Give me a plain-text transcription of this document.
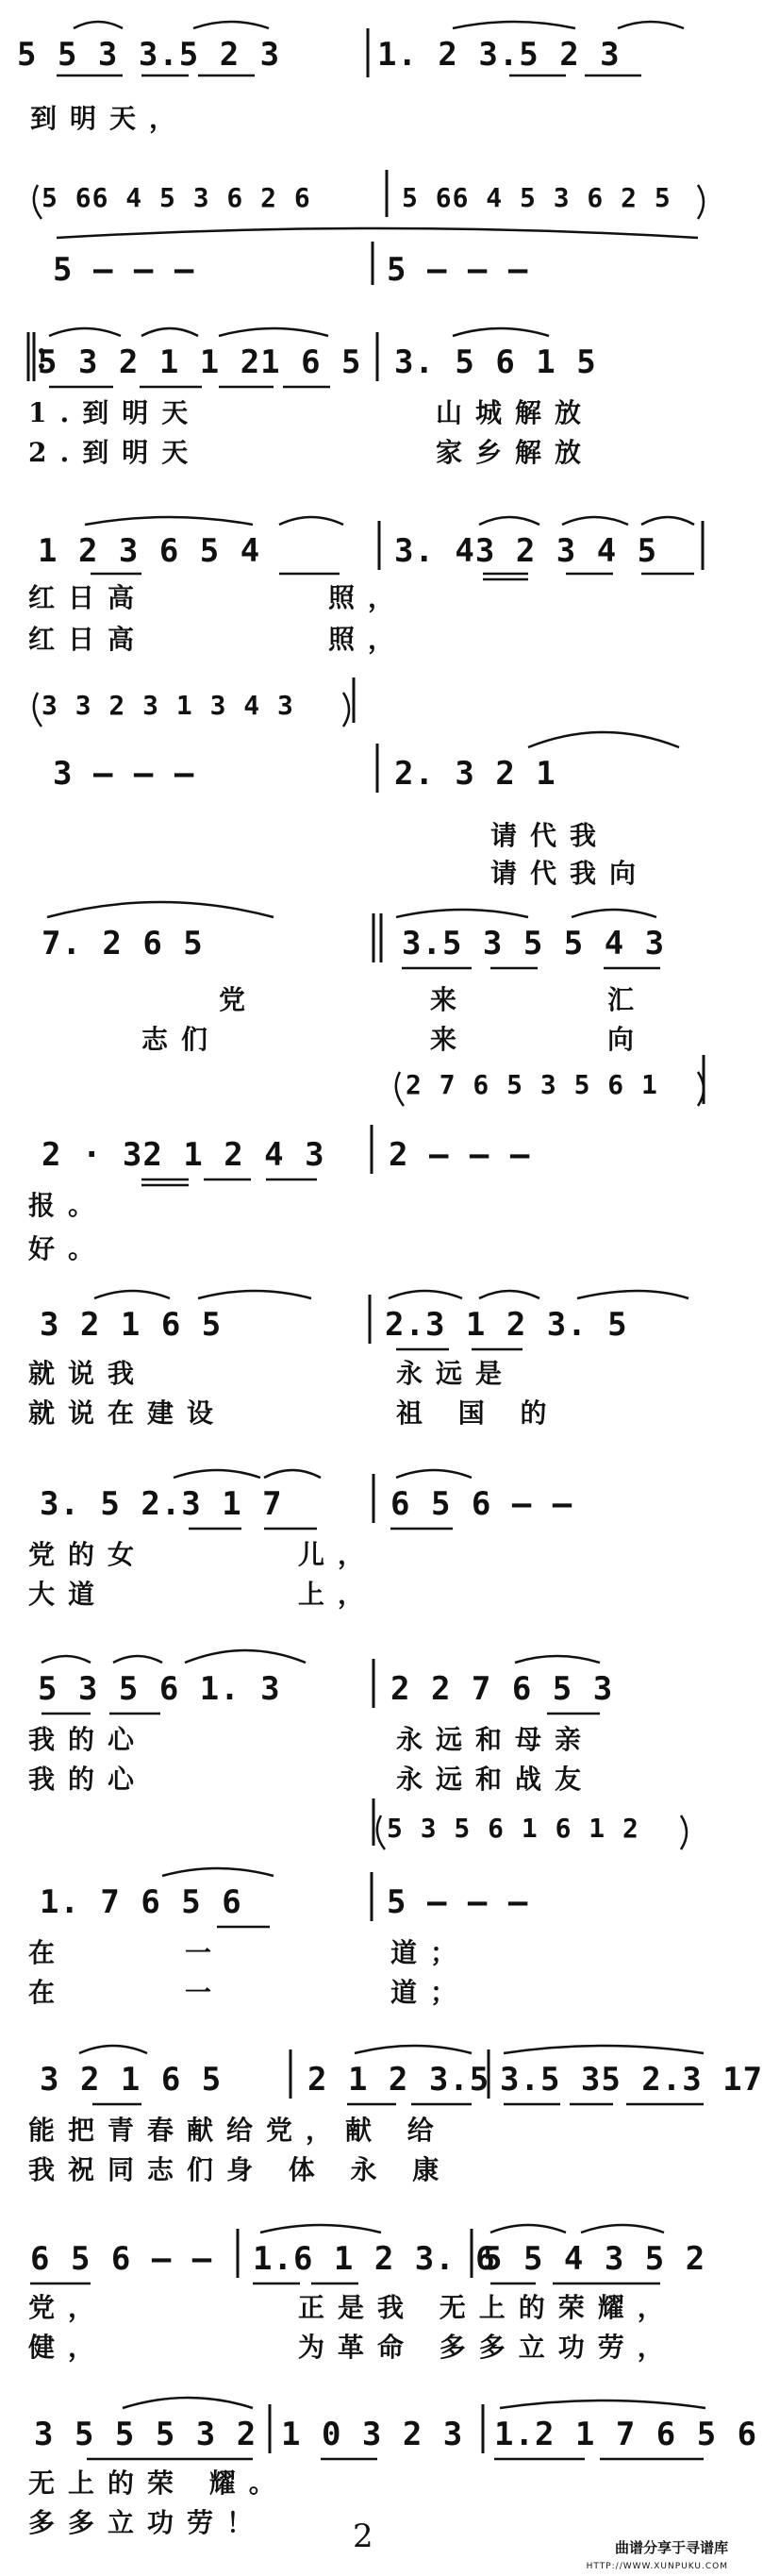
5 5 3 3.5 2 3	1. 2 3.5 2 3
到明天，
5 66 4 5 3 6 2 6	5 66 4 5 3 6 2 5
5 – – –	5 – – –
5 3 2 1 1 21 6 5 3. 5 6 1 5
1.到明天	山城解放
2.到明天	家乡解放
1 2 3 6 5 4	3. 43 2 3 4 5
红日高	照，
红日高	照，
3 3 2 3 1 3 4 3
3 – – –	2. 3 2 1
请代我
请代我向
7. 2 6 5	3.5 3 5 5 4 3
党	来	汇
志们	来	向
2 7 6 5 3 5 6 1
2 · 32 1 2 4 3 2 – – –
报。
好。
3 2 1 6 5	2.3 1 2 3. 5
就说我	永远是
就说在建设	祖 国 的
3. 5 2.3 1 7	6 5 6 – –
党的女	儿，
大道	上，
5 3 5 6 1. 3	2 2 7 6 5 3
我的心	永远和母亲
我的心	永远和战友
5 3 5 6 1 6 1 2
1. 7 6 5 6	5 – – –
在	一	道；
在	一	道；
3 2 1 6 5	2 1 2 3.5 3.5 35 2.3 17
能把青春献给党，献 给
我祝同志们身 体 永 康
6 5 6 – – 1.6 1 2 3. 6
5 5 4 3 5 2
党，	正是我 无上的荣耀，
健，	为革命 多多立功劳，
3 5 5 5 3 2 1 0 3 2 3 1.2 1 7 6 5 6
无上的荣 耀。
多多立功劳！	2	曲谱分享于寻谱库
HTTP://WWW.XUNPUKU.COM
